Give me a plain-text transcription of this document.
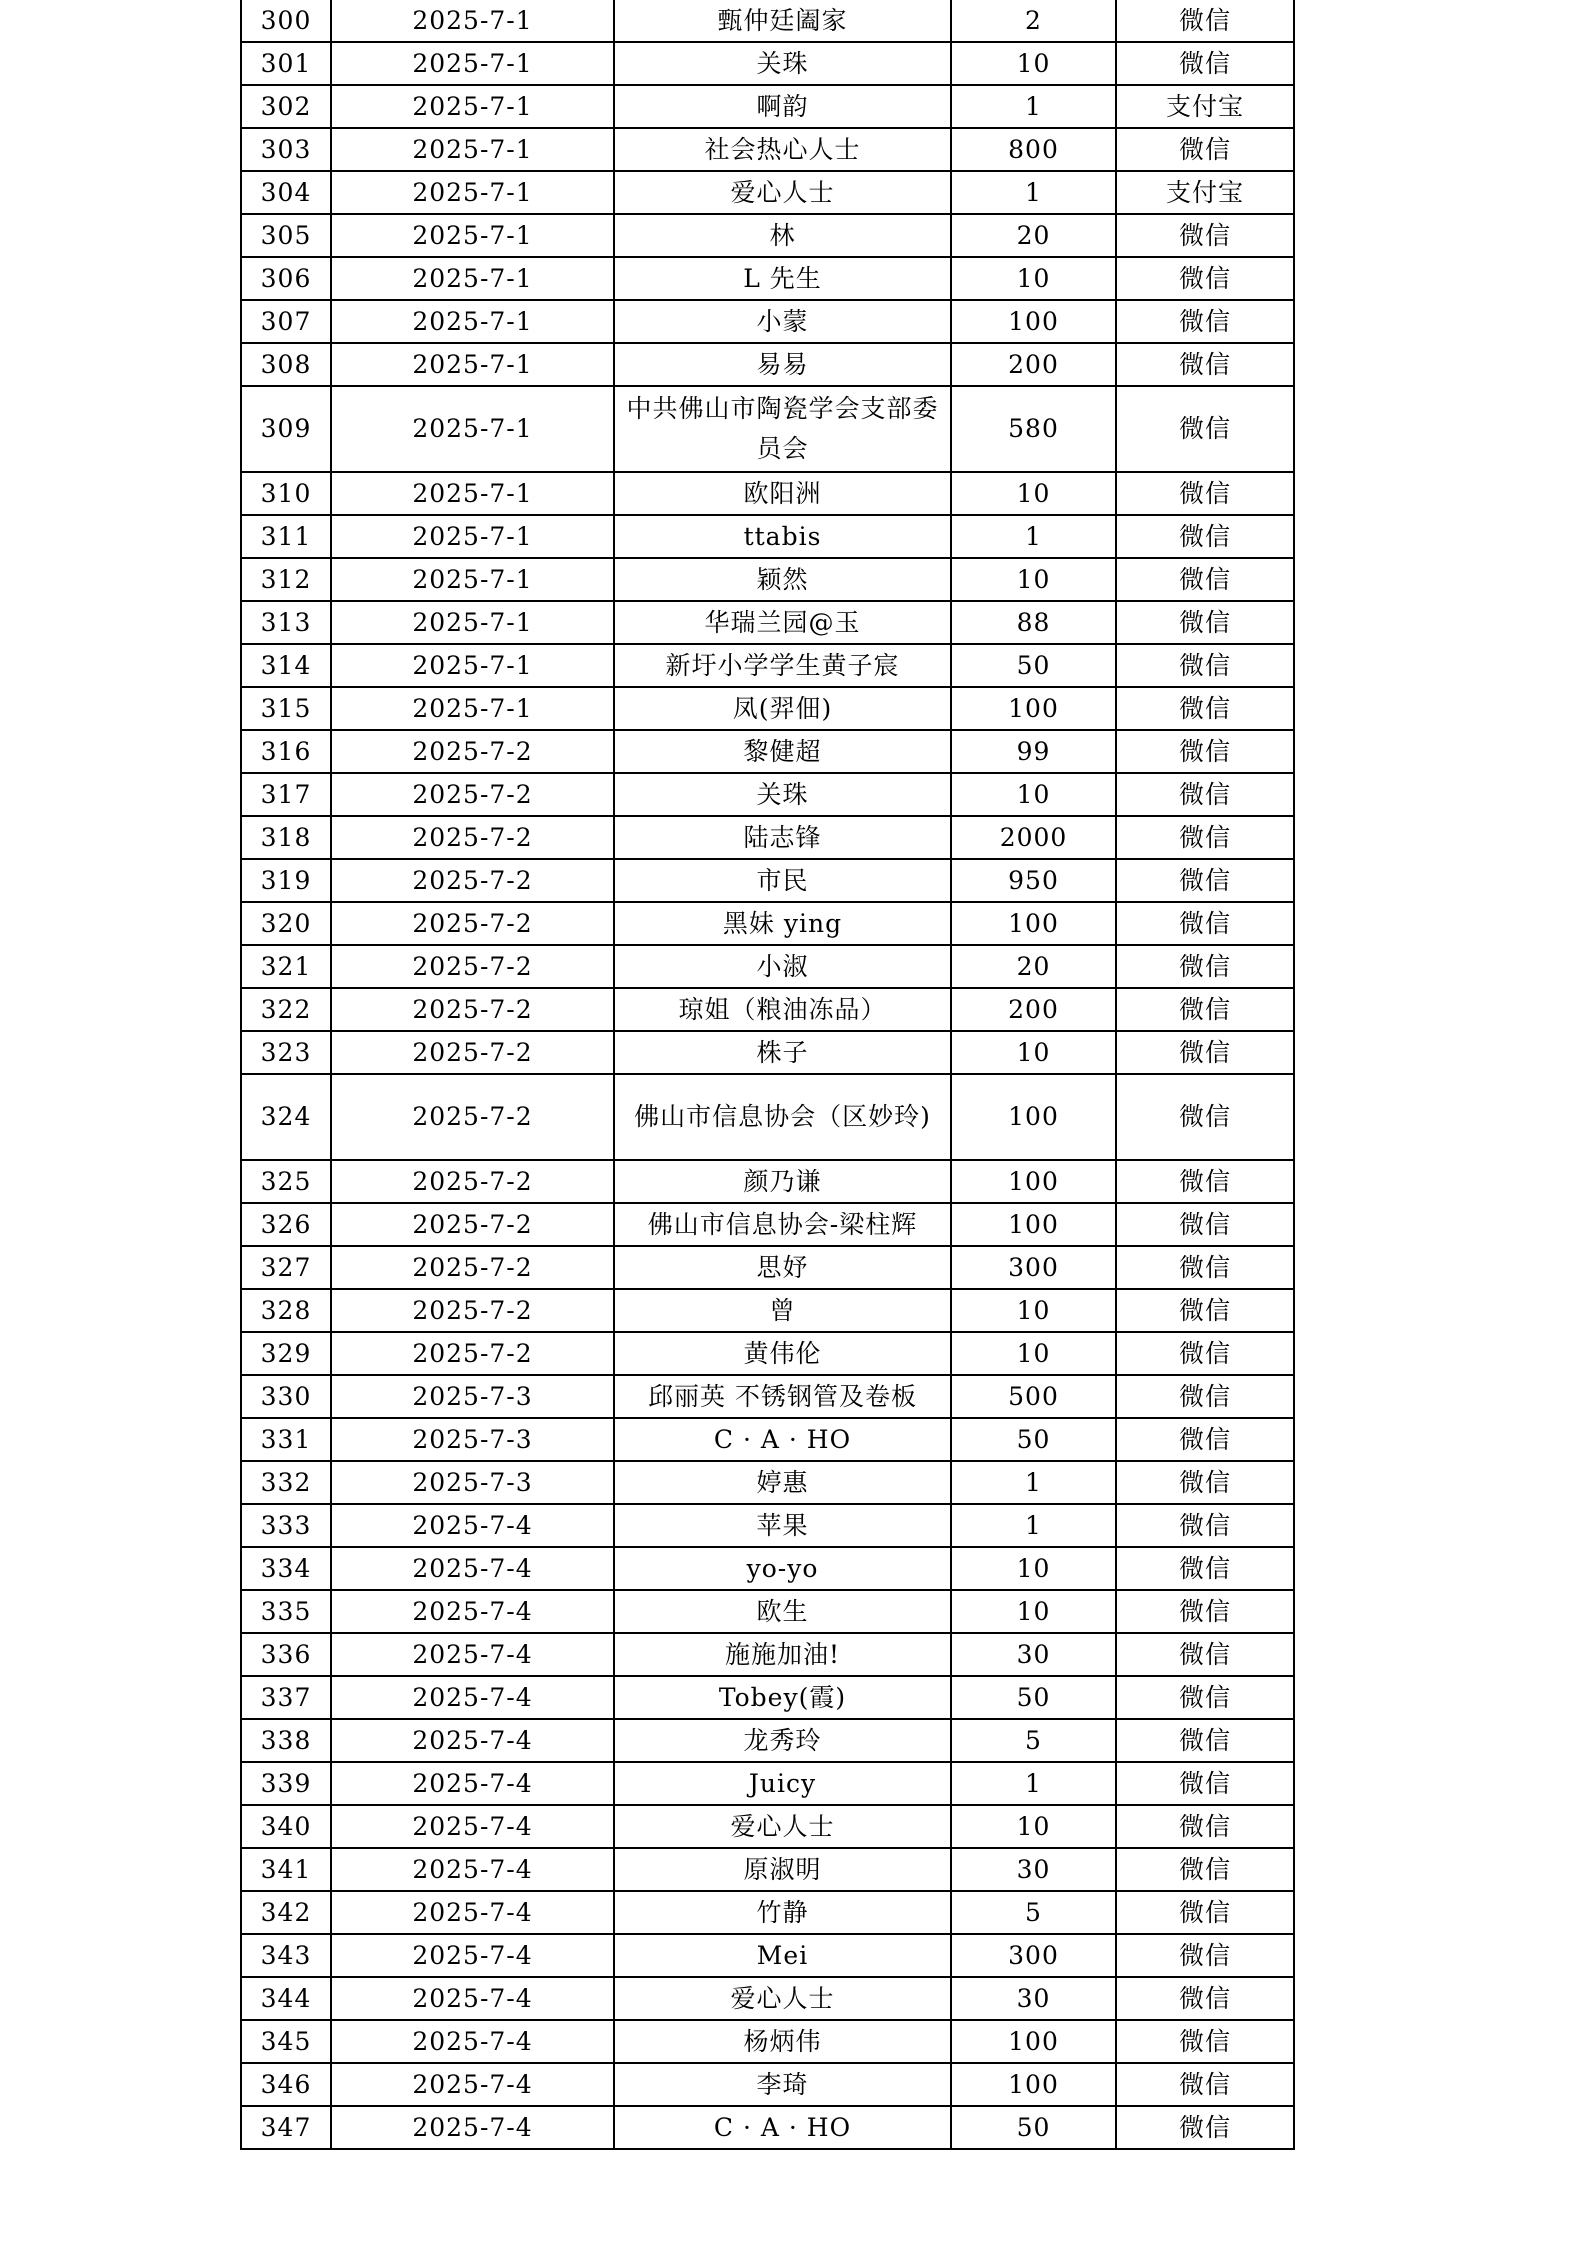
300	2025-7-1	甄仲廷阖家	2	微信
301	2025-7-1	关珠	10	微信
302	2025-7-1	啊韵	1	支付宝
303	2025-7-1	社会热心人士	800	微信
304	2025-7-1	爱心人士	1	支付宝
305	2025-7-1	林	20	微信
306	2025-7-1	L 先生	10	微信
307	2025-7-1	小蒙	100	微信
308	2025-7-1	易易	200	微信
309	2025-7-1	中共佛山市陶瓷学会支部委员会	580	微信
310	2025-7-1	欧阳洲	10	微信
311	2025-7-1	ttabis	1	微信
312	2025-7-1	颖然	10	微信
313	2025-7-1	华瑞兰园@玉	88	微信
314	2025-7-1	新圩小学学生黄子宸	50	微信
315	2025-7-1	凤(羿佃)	100	微信
316	2025-7-2	黎健超	99	微信
317	2025-7-2	关珠	10	微信
318	2025-7-2	陆志锋	2000	微信
319	2025-7-2	市民	950	微信
320	2025-7-2	黑妹 ying	100	微信
321	2025-7-2	小淑	20	微信
322	2025-7-2	琼姐（粮油冻品）	200	微信
323	2025-7-2	株子	10	微信
324	2025-7-2	佛山市信息协会（区妙玲)	100	微信
325	2025-7-2	颜乃谦	100	微信
326	2025-7-2	佛山市信息协会-梁柱辉	100	微信
327	2025-7-2	思妤	300	微信
328	2025-7-2	曾	10	微信
329	2025-7-2	黄伟伦	10	微信
330	2025-7-3	邱丽英 不锈钢管及卷板	500	微信
331	2025-7-3	C · A · HO	50	微信
332	2025-7-3	婷惠	1	微信
333	2025-7-4	苹果	1	微信
334	2025-7-4	yo-yo	10	微信
335	2025-7-4	欧生	10	微信
336	2025-7-4	施施加油!	30	微信
337	2025-7-4	Tobey(霞)	50	微信
338	2025-7-4	龙秀玲	5	微信
339	2025-7-4	Juicy	1	微信
340	2025-7-4	爱心人士	10	微信
341	2025-7-4	原淑明	30	微信
342	2025-7-4	竹静	5	微信
343	2025-7-4	Mei	300	微信
344	2025-7-4	爱心人士	30	微信
345	2025-7-4	杨炳伟	100	微信
346	2025-7-4	李琦	100	微信
347	2025-7-4	C · A · HO	50	微信
